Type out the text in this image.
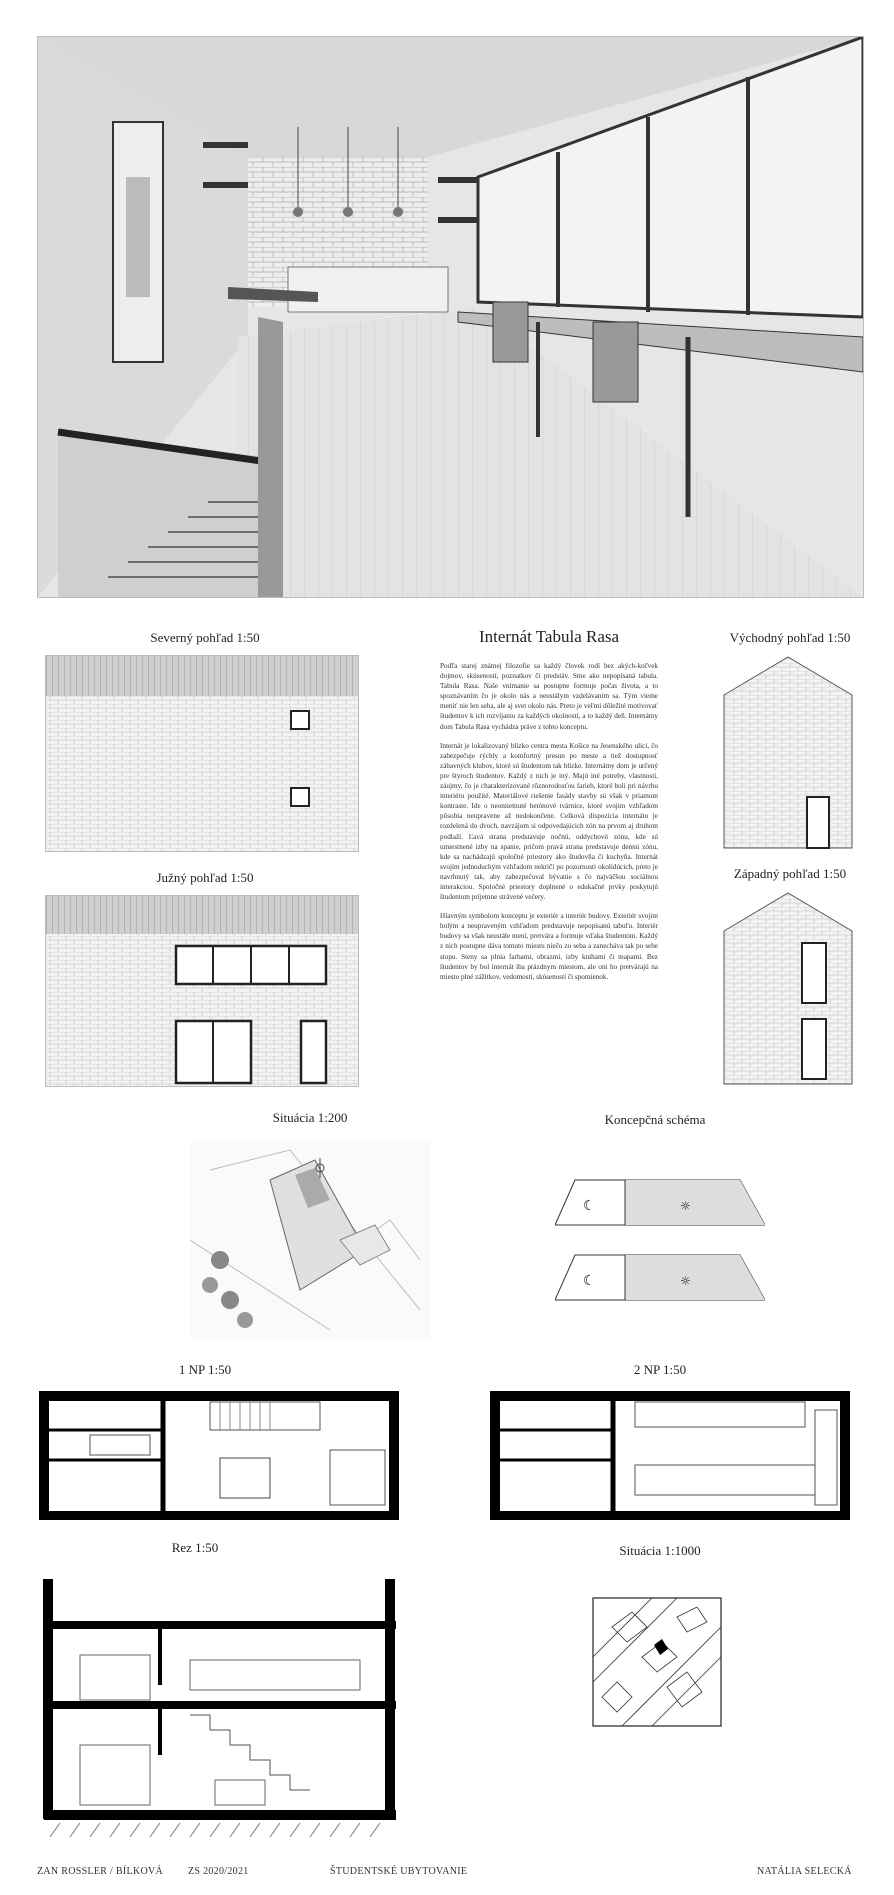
Severný pohľad 1:50
Južný pohľad 1:50
Internát Tabula Rasa

Podľa starej známej filozofie sa každý človek rodí bez akých-koľvek dojmov, skúseností, poznatkov či predstáv. Sme ako nepopísaná tabula. Tabula Rasa. Naše vnímanie sa postupne formuje počas života, a to spoznávaním čo je okolo nás a neustálym vzdelávaním sa. Tým vieme meniť nie len seba, ale aj svet okolo nás. Preto je veľmi dôležité motivovať študentov k ich rozvíjaniu za každých okolností, a to každý deň. Internátny dom Tabula Rasa vychádza práve z tohto konceptu.

Internát je lokalizovaný blízko centra mesta Košice na Jesenského ulici, čo zabezpečuje rýchly a komfortný presun po meste a tiež dostupnosť zábavných klubov, ktoré sú študentom tak blízke. Internátny dom je určený pre štyroch študentov. Každý z nich je iný. Majú iné potreby, vlastnosti, záujmy, čo je charakterizované rôznorodosťou farieb, ktoré boli pri návrhu interiéru použité. Materiálové riešenie fasády stavby sú však v priamom kontraste. Ide o neomietnuté betónové tvárnice, ktoré svojim vzhľadom pôsobia neupravene až nedokončene. Celková dispozícia internátu je rozdelená do dvoch, navzájom si odpovedajúcich zón na prvom aj druhom podlaží. Ľavá strana predstavuje nočnú, oddychovú zónu, kde sú umiestnené izby na spanie, pričom pravá strana predstavuje dennú zónu, kde sa nachádzajú spoločné priestory ako študovňa či kuchyňa. Internát svojim jednoduchým vzhľadom nekričí po pozornosti okolidúcich, preto je navrhnutý tak, aby zabezpečoval bývanie s čo najväčšou sociálnou interakciou. Spoločné priestory doplnené o edukačné prvky poskytujú študentom príjemne strávené večery.

Hlavným symbolom konceptu je exteriér a interiér budovy. Exteriér svojim holým a neupraveným vzhľadom predstavuje nepopísanú tabuľu. Interiér budovy sa však neustále mení, pretvára a formuje vďaka študentom. Každý z nich postupne dáva tomuto miestu niečo zo seba a zanecháva tak po sebe stopu. Steny sa plnia farbami, obrazmi, izby knihami či mapami. Bez študentov by bol internát iba prázdnym miestom, ale oni ho pretvárajú na miesto plné zážitkov, vedomostí, skúseností či spomienok.

Východný pohľad 1:50
Západný pohľad 1:50
Situácia 1:200	Koncepčná schéma
☾	☼
☾	☼
1 NP 1:50	2 NP 1:50
Rez 1:50	Situácia 1:1000
ZAN ROSSLER / BÍLKOVÁ ZS 2020/2021	ŠTUDENTSKÉ UBYTOVANIE	NATÁLIA SELECKÁ
